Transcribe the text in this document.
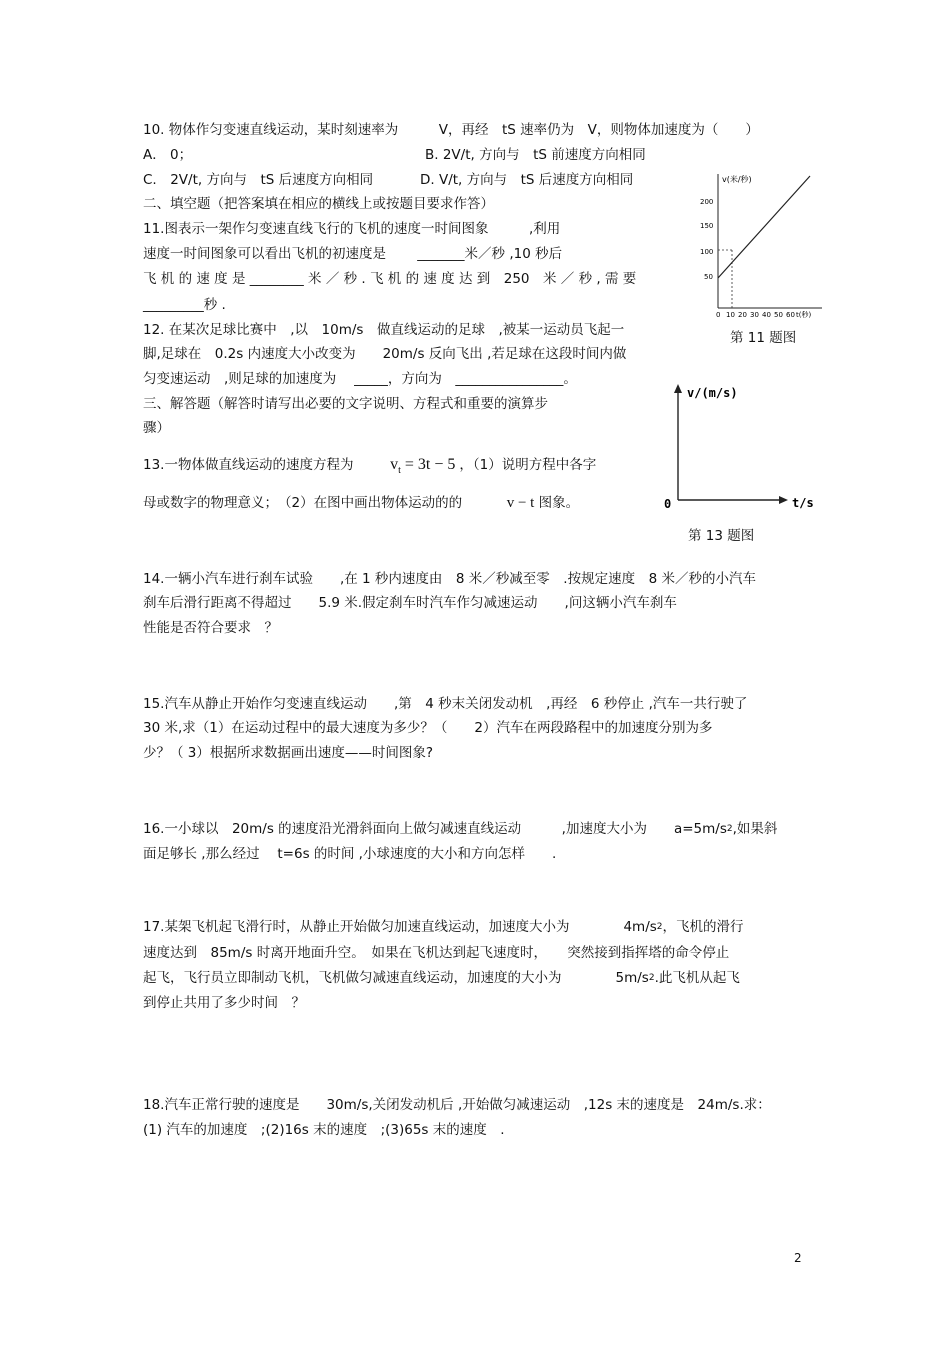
10. 物体作匀变速直线运动，某时刻速率为　　　V，再经　tS 速率仍为　V，则物体加速度为（　　）
A． 0；	B. 2V/t, 方向与　tS 前速度方向相同
C.　2V/t, 方向与　tS 后速度方向相同	D. V/t, 方向与　tS 后速度方向相同
二、填空题（把答案填在相应的横线上或按题目要求作答）
11.图表示一架作匀变速直线飞行的飞机的速度一时间图象　　　,利用
速度一时间图象可以看出飞机的初速度是　　 _______米／秒 ,10 秒后
飞 机 的 速 度 是 ________ 米 ／ 秒 . 飞 机 的 速 度 达 到　250　米 ／ 秒 , 需 要
_________秒 .
12. 在某次足球比赛中　,以　10m/s　做直线运动的足球　,被某一运动员飞起一
脚,足球在　0.2s 内速度大小改变为　　20m/s 反向飞出 ,若足球在这段时间内做
匀变速运动　,则足球的加速度为　 _____，方向为　________________。
三、解答题（解答时请写出必要的文字说明、方程式和重要的演算步
骤）
13.一物体做直线运动的速度方程为 $v_t = 3t - 5$ ，（1）说明方程中各字
母或数字的物理意义；　（2）在图中画出物体运动的的	v − t 图象。
14.一辆小汽车进行刹车试验　　,在 1 秒内速度由　8 米／秒减至零　.按规定速度　8 米／秒的小汽车
刹车后滑行距离不得超过　　5.9 米.假定刹车时汽车作匀减速运动　　,问这辆小汽车刹车
性能是否符合要求　？
15.汽车从静止开始作匀变速直线运动　　,第　4 秒末关闭发动机　,再经　6 秒停止 ,汽车一共行驶了
30 米,求（1）在运动过程中的最大速度为多少？（　　2）汽车在两段路程中的加速度分别为多
少？（ 3）根据所求数据画出速度——时间图象?
16.一小球以　20m/s 的速度沿光滑斜面向上做匀减速直线运动　　　,加速度大小为　　$a=5m/s^2$,如果斜
面足够长 ,那么经过　 t=6s 的时间 ,小球速度的大小和方向怎样　　.
17.某架飞机起飞滑行时，从静止开始做匀加速直线运动，加速度大小为　　　　$4m/s^2$，飞机的滑行
速度达到　85m/s 时离开地面升空。　如果在飞机达到起飞速度时，　　突然接到指挥塔的命令停止
起飞，飞行员立即制动飞机，飞机做匀减速直线运动，加速度的大小为　　　　$5m/s^2$.此飞机从起飞
到停止共用了多少时间　？
18.汽车正常行驶的速度是　　30m/s,关闭发动机后 ,开始做匀减速运动　,12s 末的速度是　24m/s.求：
(1) 汽车的加速度　;(2)16s 末的速度　;(3)65s 末的速度　.
v(米/秒)
200
150
100
50
0 10 20 30 40 50 60 t(秒)
第 11 题图
v/(m/s)
t/s
0
第 13 题图
2
